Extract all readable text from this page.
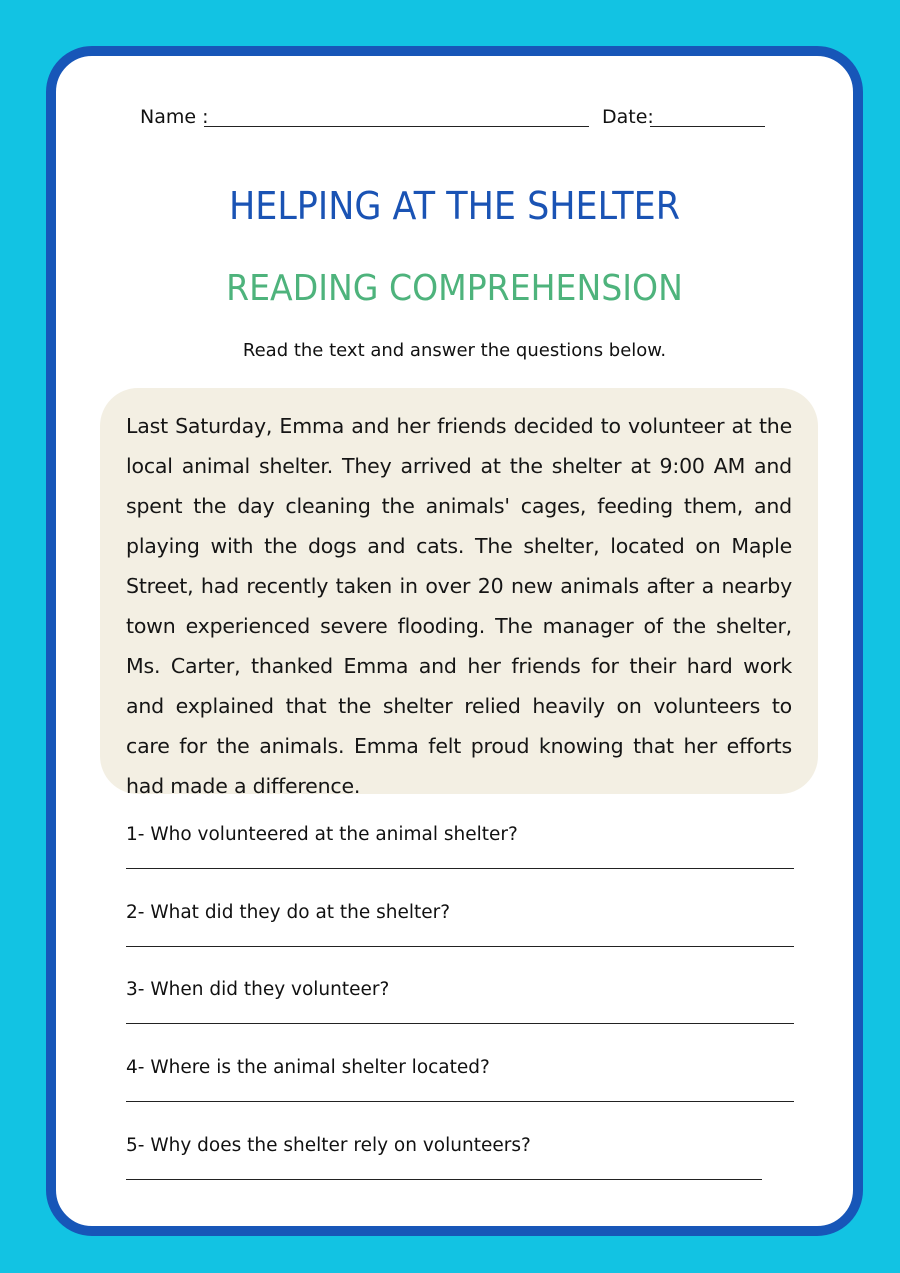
Name :	Date:
HELPING AT THE SHELTER
READING COMPREHENSION
Read the text and answer the questions below.

Last Saturday, Emma and her friends decided to volunteer at the local animal shelter. They arrived at the shelter at 9:00 AM and spent the day cleaning the animals' cages, feeding them, and playing with the dogs and cats. The shelter, located on Maple Street, had recently taken in over 20 new animals after a nearby town experienced severe flooding. The manager of the shelter, Ms. Carter, thanked Emma and her friends for their hard work and explained that the shelter relied heavily on volunteers to care for the animals. Emma felt proud knowing that her efforts had made a difference.

1- Who volunteered at the animal shelter?
2- What did they do at the shelter?
3- When did they volunteer?
4- Where is the animal shelter located?
5- Why does the shelter rely on volunteers?
